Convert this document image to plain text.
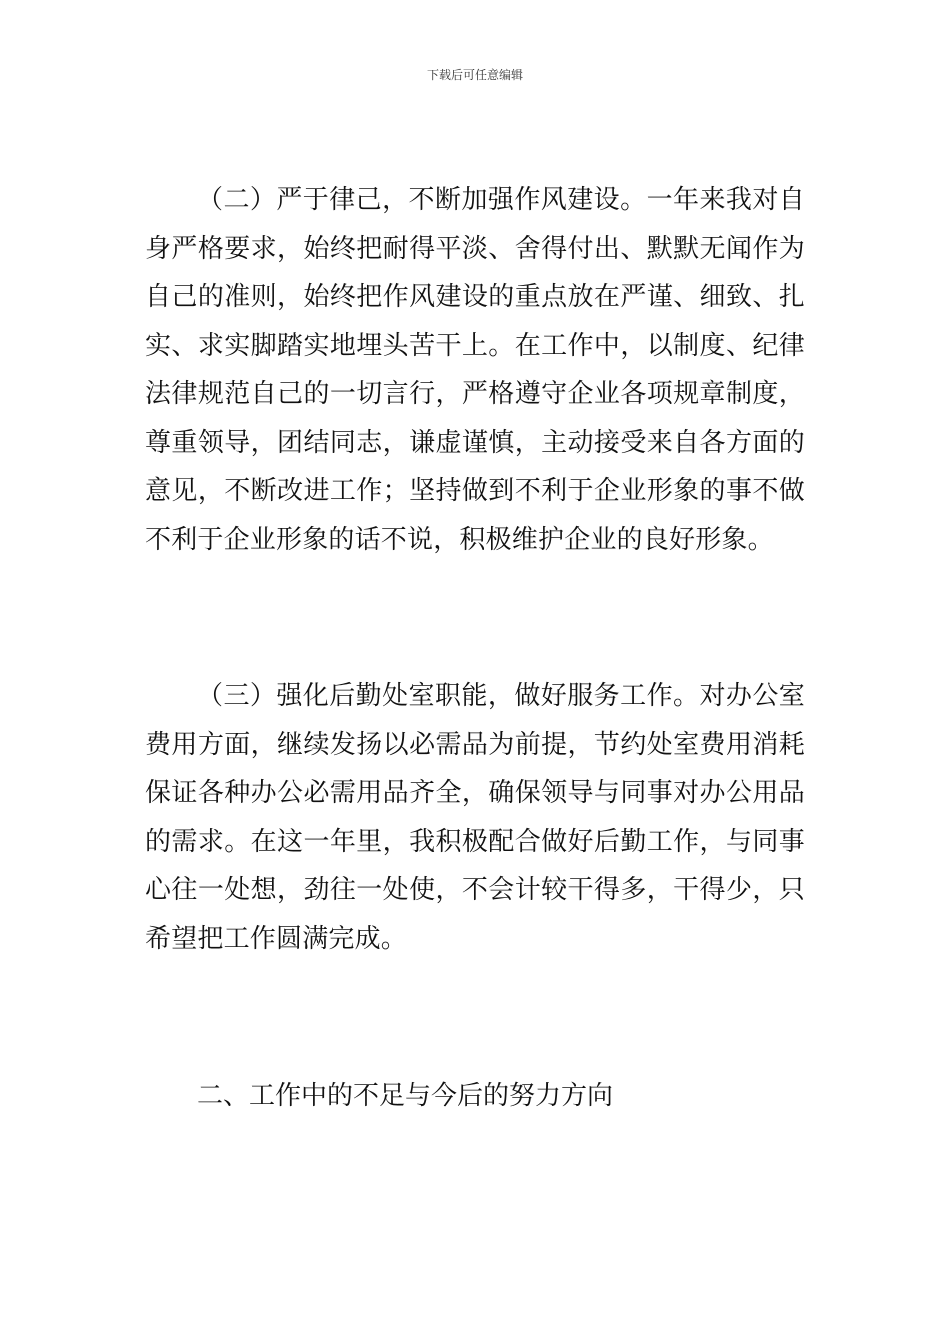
下载后可任意编辑

（二）严于律己，不断加强作风建设。一年来我对自身严格要求，始终把耐得平淡、舍得付出、默默无闻作为自己的准则，始终把作风建设的重点放在严谨、细致、扎实、求实脚踏实地埋头苦干上。在工作中，以制度、纪律法律规范自己的一切言行，严格遵守企业各项规章制度，尊重领导，团结同志，谦虚谨慎，主动接受来自各方面的意见，不断改进工作；坚持做到不利于企业形象的事不做不利于企业形象的话不说，积极维护企业的良好形象。

（三）强化后勤处室职能，做好服务工作。对办公室费用方面，继续发扬以必需品为前提，节约处室费用消耗保证各种办公必需用品齐全，确保领导与同事对办公用品的需求。在这一年里，我积极配合做好后勤工作，与同事心往一处想，劲往一处使，不会计较干得多，干得少，只希望把工作圆满完成。

二、工作中的不足与今后的努力方向
